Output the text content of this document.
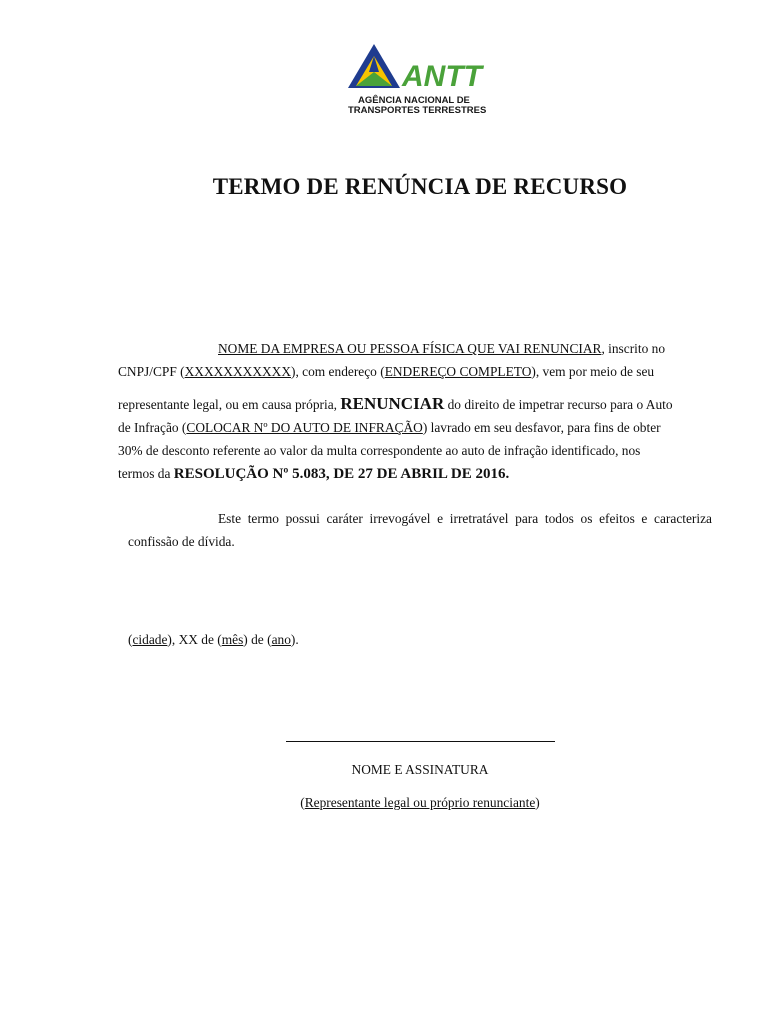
ANTT
AGÊNCIA NACIONAL DE
TRANSPORTES TERRESTRES
TERMO DE RENÚNCIA DE RECURSO
NOME DA EMPRESA OU PESSOA FÍSICA QUE VAI RENUNCIAR, inscrito no
CNPJ/CPF (XXXXXXXXXXX), com endereço (ENDEREÇO COMPLETO), vem por meio de seu
representante legal, ou em causa própria, RENUNCIAR do direito de impetrar recurso para o Auto
de Infração (COLOCAR Nº DO AUTO DE INFRAÇÃO) lavrado em seu desfavor, para fins de obter
30% de desconto referente ao valor da multa correspondente ao auto de infração identificado, nos
termos da RESOLUÇÃO Nº 5.083, DE 27 DE ABRIL DE 2016.
Este termo possui caráter irrevogável e irretratável para todos os efeitos e caracteriza
confissão de dívida.
(cidade), XX de (mês) de (ano).
NOME E ASSINATURA
(Representante legal ou próprio renunciante)
